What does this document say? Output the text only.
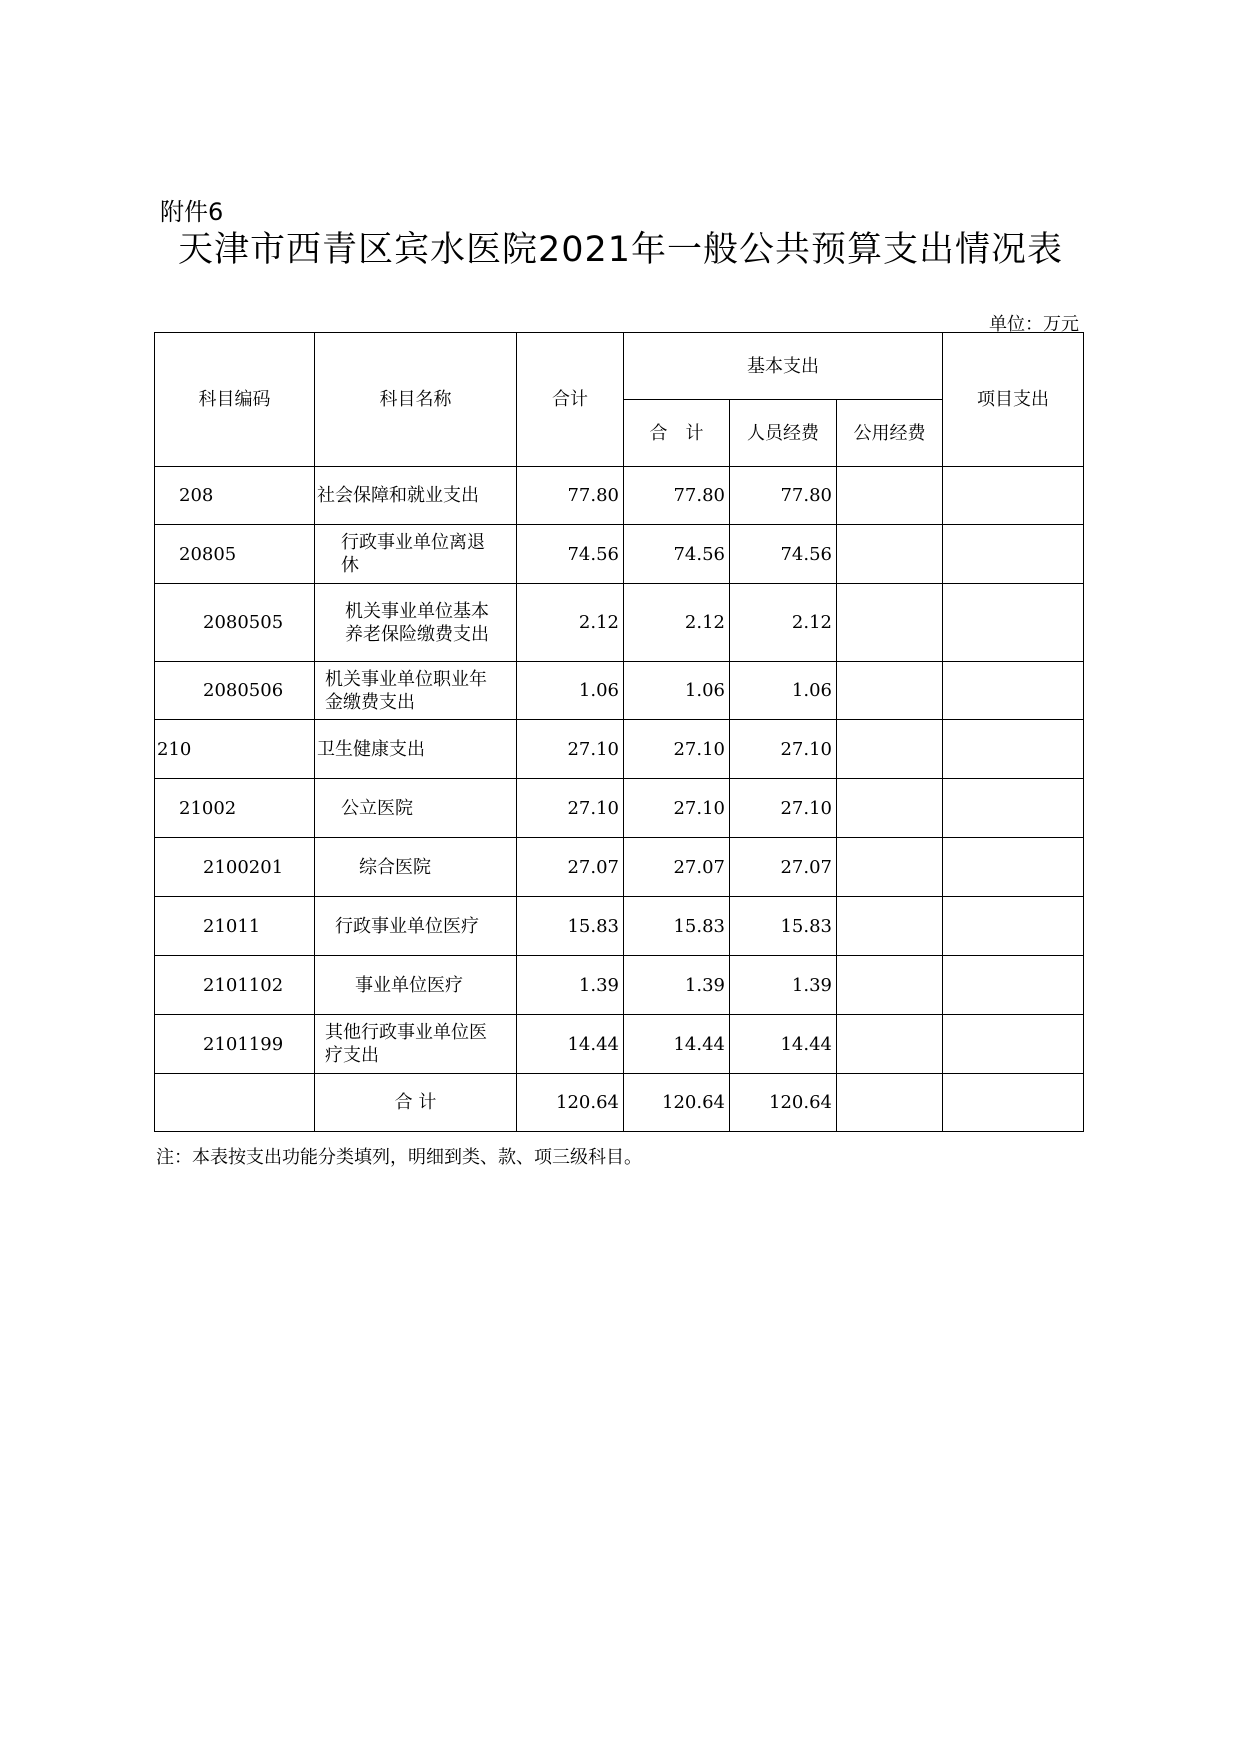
附件6
天津市西青区宾水医院2021年一般公共预算支出情况表
单位：万元
科目编码	科目名称	合计	基本支出			项目支出
			合　计	人员经费	公用经费	
208	社会保障和就业支出	77.80	77.80	77.80		
20805	行政事业单位离退休	74.56	74.56	74.56		
2080505	机关事业单位基本养老保险缴费支出	2.12	2.12	2.12		
2080506	机关事业单位职业年金缴费支出	1.06	1.06	1.06		
210	卫生健康支出	27.10	27.10	27.10		
21002	公立医院	27.10	27.10	27.10		
2100201	综合医院	27.07	27.07	27.07		
21011	行政事业单位医疗	15.83	15.83	15.83		
2101102	事业单位医疗	1.39	1.39	1.39		
2101199	其他行政事业单位医疗支出	14.44	14.44	14.44		
	合 计	120.64	120.64	120.64		
注：本表按支出功能分类填列，明细到类、款、项三级科目。
